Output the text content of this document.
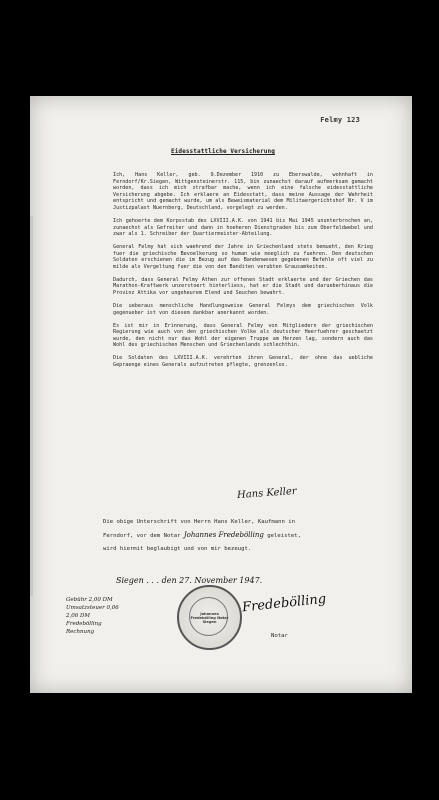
Felmy 123
Eidesstattliche Versicherung

Ich, Hans Keller, geb. 9.Dezember 1910 zu Eberswalde, wohnhaft in Ferndorf/Kr.Siegen, Wittgensteinerstr. 115, bin zunaechst darauf aufmerksam gemacht worden, dass ich mich strafbar mache, wenn ich eine falsche eidesstattliche Versicherung abgebe. Ich erklaere an Eidesstatt, dass meine Aussage der Wahrheit entspricht und gemacht wurde, um als Beweismaterial dem Militaergerichtshof Nr. V im Justizpalast Nuernberg, Deutschland, vorgelegt zu werden.

Ich gehoerte dem Korpsstab des LXVIII.A.K. von 1941 bis Mai 1945 ununterbrochen an, zunaechst als Gefreiter und dann in hoeheren Dienstgraden bis zum Oberfeldwebel und zwar als 1. Schreiber der Quartiermeister-Abteilung.

General Felmy hat sich waehrend der Jahre in Griechenland stets bemueht, den Krieg fuer die griechische Bevoelkerung so human wie moeglich zu fuehren. Den deutschen Soldaten erschienen die im Bezug auf das Bandenwesen gegebenen Befehle oft viel zu milde als Vergeltung fuer die von den Banditen verubten Grausamkeiten.

Dadurch, dass General Felmy Athen zur offenen Stadt erklaerte und der Griechen das Marathon-Kraftwerk unzerstoert hinterliess, hat er die Stadt und darueberhinaus die Provinz Attika vor ungeheurem Elend und Seuchen bewahrt.

Die ueberaus menschliche Handlungsweise General Felmys dem griechischen Volk gegenueber ist von diesem dankbar anerkannt worden.

Es ist mir in Erinnerung, dass General Felmy von Mitgliedern der griechischen Regierung wie auch von den griechischen Volke als deutscher Heerfuehrer geschaetzt wurde, den nicht nur das Wohl der eigenen Truppe am Herzen lag, sondern auch das Wohl des griechischen Menschen und Griechenlands schlechthin.

Die Soldaten des LXVIII.A.K. verehrten ihren General, der ohne das uebliche Gepraenge eines Generals aufzutreten pflegte, grenzenlos.

Hans Keller
Die obige Unterschrift von Herrn Hans Keller, Kaufmann in
Ferndorf, vor dem Notar Johannes Fredebölling geleistet,
wird hiermit beglaubigt und von mir bezeugt.
Siegen . . . den 27. November 1947.
Gebühr 2,00 DM
Umsatzsteuer 0,06
2,06 DM
Fredebölling
Rechnung
Johannes Fredebölling Notar Siegen
Fredebölling
Notar
